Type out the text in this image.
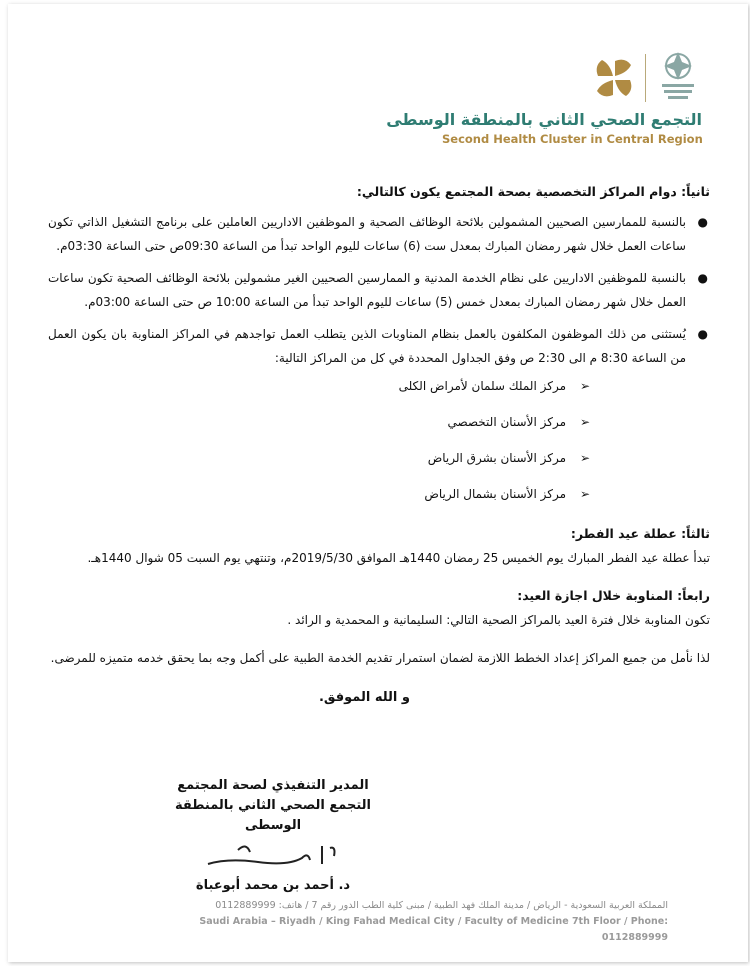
التجمع الصحي الثاني بالمنطقة الوسطى
Second Health Cluster in Central Region
ثانياً: دوام المراكز التخصصية بصحة المجتمع يكون كالتالي:
●
بالنسبة للممارسين الصحيين المشمولين بلائحة الوظائف الصحية و الموظفين الاداريين العاملين على برنامج التشغيل الذاتي تكون ساعات العمل خلال شهر رمضان المبارك بمعدل ست (6) ساعات لليوم الواحد تبدأ من الساعة 09:30ص حتى الساعة 03:30م.
●
بالنسبة للموظفين الاداريين على نظام الخدمة المدنية و الممارسين الصحيين الغير مشمولين بلائحة الوظائف الصحية تكون ساعات العمل خلال شهر رمضان المبارك بمعدل خمس (5) ساعات لليوم الواحد تبدأ من الساعة 10:00 ص حتى الساعة 03:00م.
●
يُستثنى من ذلك الموظفون المكلفون بالعمل بنظام المناوبات الذين يتطلب العمل تواجدهم في المراكز المناوبة بان يكون العمل من الساعة 8:30 م الى 2:30 ص وفق الجداول المحددة في كل من المراكز التالية:
➢
مركز الملك سلمان لأمراض الكلى
➢
مركز الأسنان التخصصي
➢
مركز الأسنان بشرق الرياض
➢
مركز الأسنان بشمال الرياض
ثالثاً: عطلة عيد الفطر:

تبدأ عطلة عيد الفطر المبارك يوم الخميس 25 رمضان 1440هـ الموافق 2019/5/30م، وتنتهي يوم السبت 05 شوال 1440هـ.

رابعاً: المناوبة خلال اجازة العيد:

تكون المناوبة خلال فترة العيد بالمراكز الصحية التالي: السليمانية و المحمدية و الرائد .

لذا نأمل من جميع المراكز إعداد الخطط اللازمة لضمان استمرار تقديم الخدمة الطبية على أكمل وجه بما يحقق خدمه متميزه للمرضى.

و الله الموفق.
المدير التنفيذي لصحة المجتمع
التجمع الصحي الثاني بالمنطقة الوسطى
د. أحمد بن محمد أبوعباة
المملكة العربية السعودية - الرياض / مدينة الملك فهد الطبية / مبنى كلية الطب الدور رقم 7 / هاتف: 0112889999
Saudi Arabia – Riyadh / King Fahad Medical City / Faculty of Medicine 7th Floor / Phone: 0112889999
